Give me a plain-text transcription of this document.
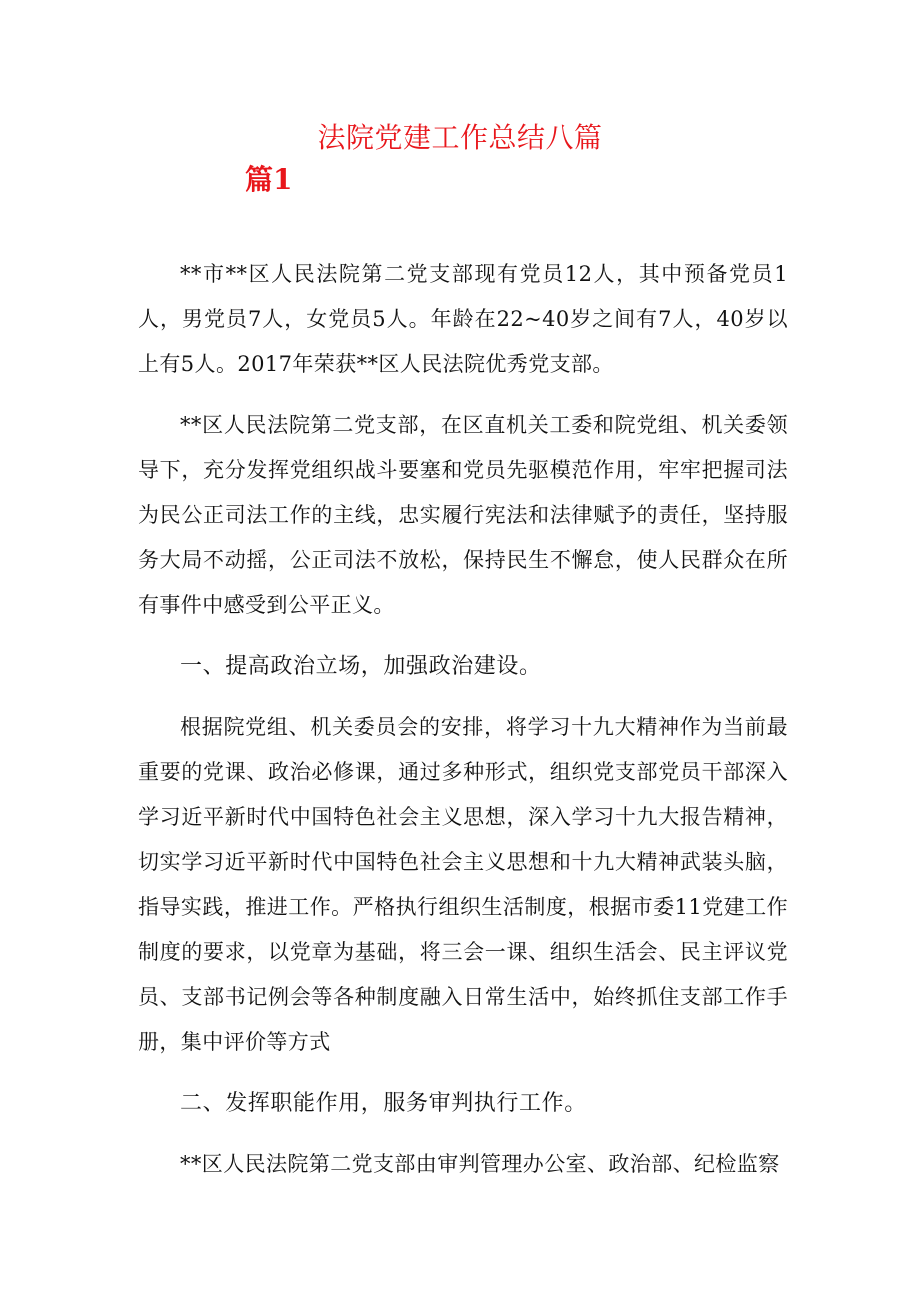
法院党建工作总结八篇
篇1

**市**区人民法院第二党支部现有党员12人，其中预备党员1人，男党员7人，女党员5人。年龄在22~40岁之间有7人，40岁以上有5人。2017年荣获**区人民法院优秀党支部。

**区人民法院第二党支部，在区直机关工委和院党组、机关委领导下，充分发挥党组织战斗要塞和党员先驱模范作用，牢牢把握司法为民公正司法工作的主线，忠实履行宪法和法律赋予的责任，坚持服务大局不动摇，公正司法不放松，保持民生不懈怠，使人民群众在所有事件中感受到公平正义。

一、提高政治立场，加强政治建设。

根据院党组、机关委员会的安排，将学习十九大精神作为当前最重要的党课、政治必修课，通过多种形式，组织党支部党员干部深入学习近平新时代中国特色社会主义思想，深入学习十九大报告精神，切实学习近平新时代中国特色社会主义思想和十九大精神武装头脑，指导实践，推进工作。严格执行组织生活制度，根据市委11党建工作制度的要求，以党章为基础，将三会一课、组织生活会、民主评议党员、支部书记例会等各种制度融入日常生活中，始终抓住支部工作手册，集中评价等方式

二、发挥职能作用，服务审判执行工作。

**区人民法院第二党支部由审判管理办公室、政治部、纪检监察
